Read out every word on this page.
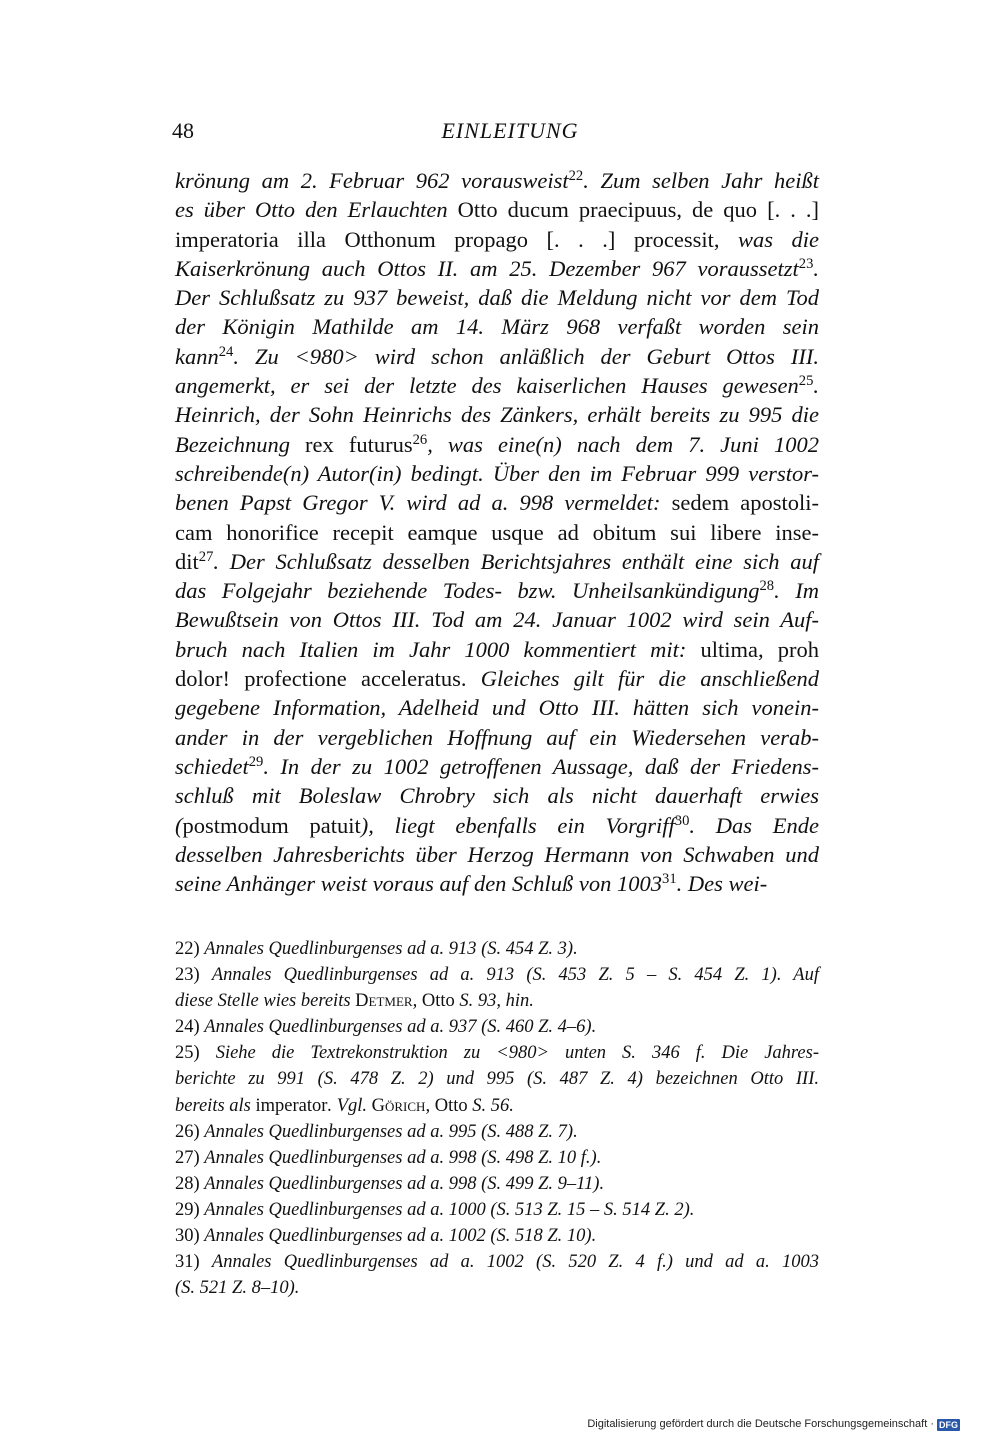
48	EINLEITUNG
krönung am 2. Februar 962 vorausweist$^{22}$. Zum selben Jahr heißt
es über Otto den Erlauchten Otto ducum praecipuus, de quo [. . .]
imperatoria illa Otthonum propago [. . .] processit, was die
Kaiserkrönung auch Ottos II. am 25. Dezember 967 voraussetzt$^{23}$.
Der Schlußsatz zu 937 beweist, daß die Meldung nicht vor dem Tod
der Königin Mathilde am 14. März 968 verfaßt worden sein
kann$^{24}$. Zu <980> wird schon anläßlich der Geburt Ottos III.
angemerkt, er sei der letzte des kaiserlichen Hauses gewesen$^{25}$.
Heinrich, der Sohn Heinrichs des Zänkers, erhält bereits zu 995 die
Bezeichnung rex futurus$^{26}$, was eine(n) nach dem 7. Juni 1002
schreibende(n) Autor(in) bedingt. Über den im Februar 999 verstor-
benen Papst Gregor V. wird ad a. 998 vermeldet: sedem apostoli-
cam honorifice recepit eamque usque ad obitum sui libere inse-
dit$^{27}$. Der Schlußsatz desselben Berichtsjahres enthält eine sich auf
das Folgejahr beziehende Todes- bzw. Unheilsankündigung$^{28}$. Im
Bewußtsein von Ottos III. Tod am 24. Januar 1002 wird sein Auf-
bruch nach Italien im Jahr 1000 kommentiert mit: ultima, proh
dolor! profectione acceleratus. Gleiches gilt für die anschließend
gegebene Information, Adelheid und Otto III. hätten sich vonein-
ander in der vergeblichen Hoffnung auf ein Wiedersehen verab-
schiedet$^{29}$. In der zu 1002 getroffenen Aussage, daß der Friedens-
schluß mit Boleslaw Chrobry sich als nicht dauerhaft erwies
(postmodum patuit), liegt ebenfalls ein Vorgriff$^{30}$. Das Ende
desselben Jahresberichts über Herzog Hermann von Schwaben und
seine Anhänger weist voraus auf den Schluß von 1003$^{31}$. Des wei-
22) Annales Quedlinburgenses ad a. 913 (S. 454 Z. 3).
23) Annales Quedlinburgenses ad a. 913 (S. 453 Z. 5 – S. 454 Z. 1). Auf
diese Stelle wies bereits Detmer, Otto S. 93, hin.
24) Annales Quedlinburgenses ad a. 937 (S. 460 Z. 4–6).
25) Siehe die Textrekonstruktion zu <980> unten S. 346 f. Die Jahres-
berichte zu 991 (S. 478 Z. 2) und 995 (S. 487 Z. 4) bezeichnen Otto III.
bereits als imperator. Vgl. Görich, Otto S. 56.
26) Annales Quedlinburgenses ad a. 995 (S. 488 Z. 7).
27) Annales Quedlinburgenses ad a. 998 (S. 498 Z. 10 f.).
28) Annales Quedlinburgenses ad a. 998 (S. 499 Z. 9–11).
29) Annales Quedlinburgenses ad a. 1000 (S. 513 Z. 15 – S. 514 Z. 2).
30) Annales Quedlinburgenses ad a. 1002 (S. 518 Z. 10).
31) Annales Quedlinburgenses ad a. 1002 (S. 520 Z. 4 f.) und ad a. 1003
(S. 521 Z. 8–10).
Digitalisierung gefördert durch die Deutsche Forschungsgemeinschaft · DFG
